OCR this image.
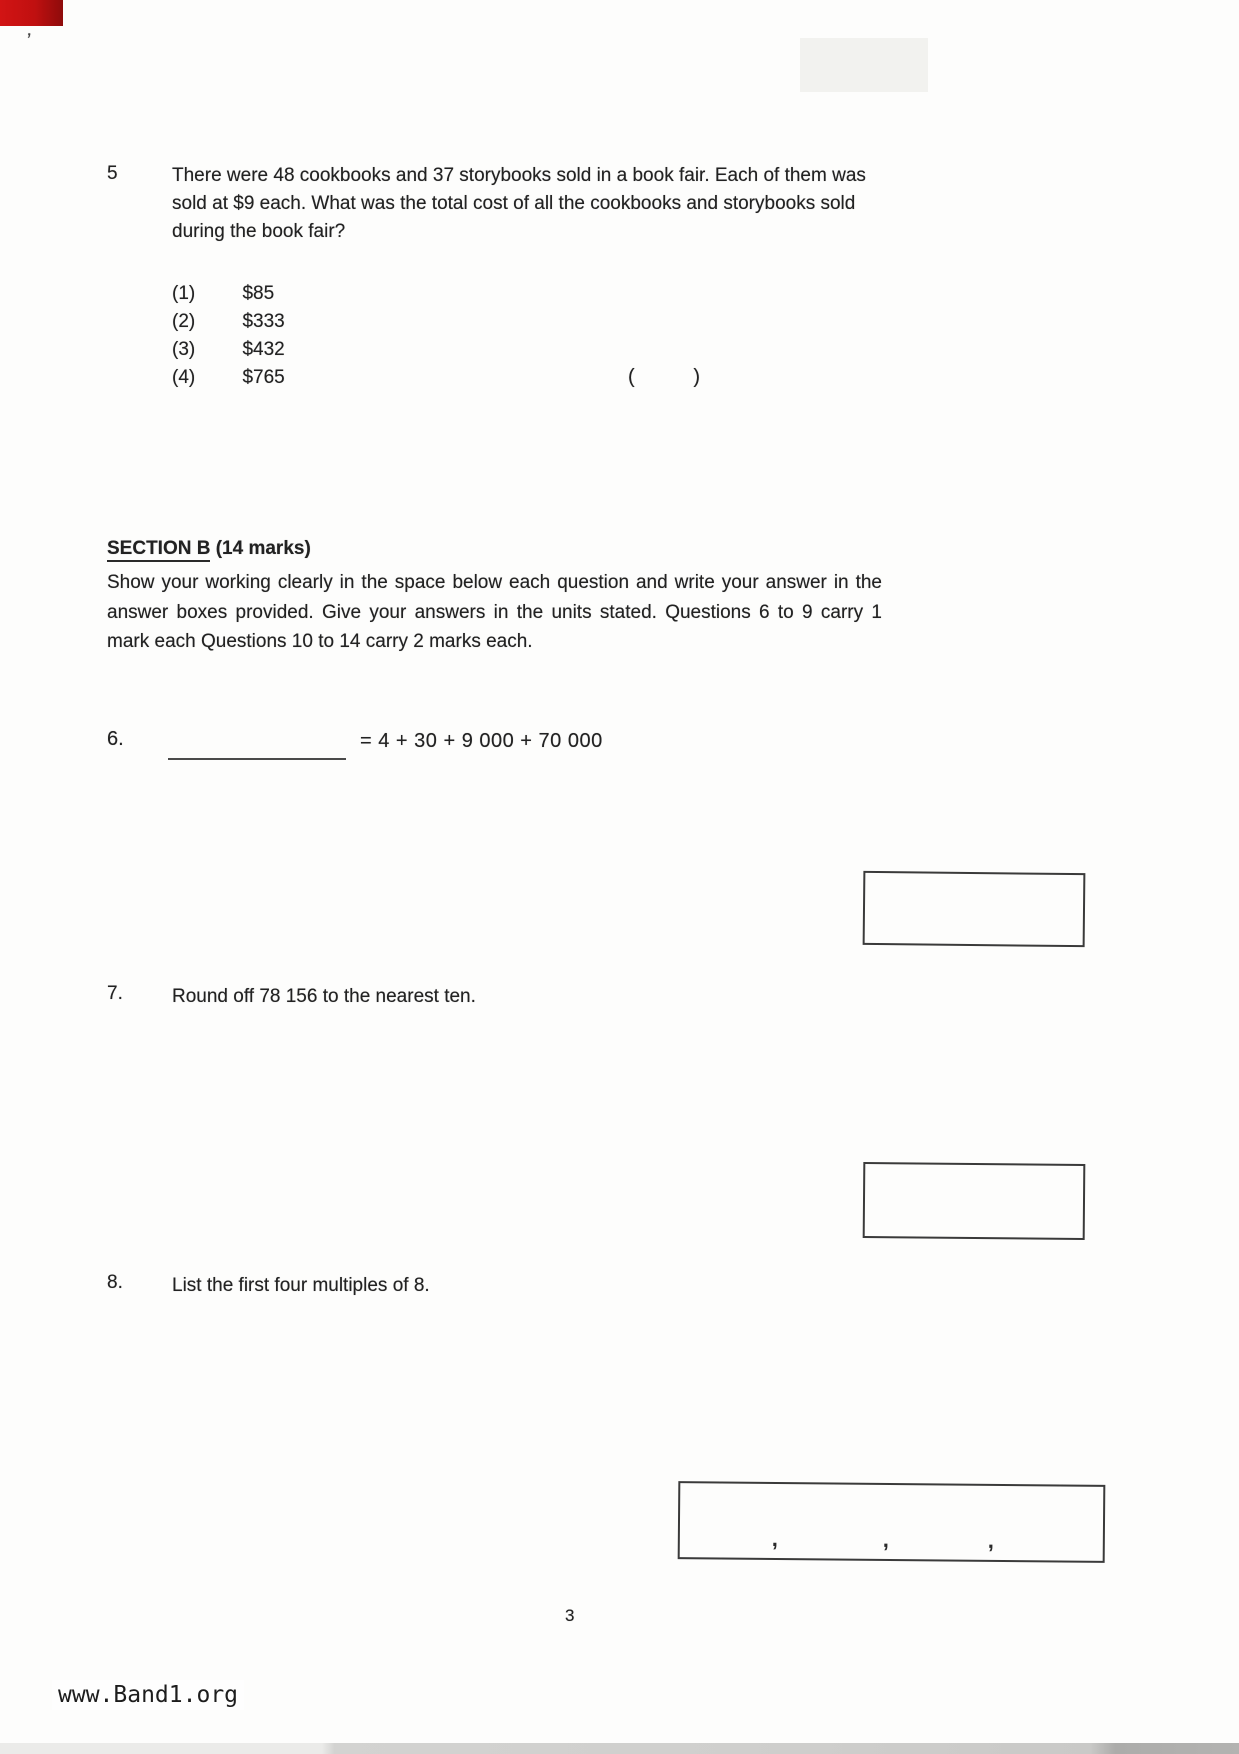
’
5	There were 48 cookbooks and 37 storybooks sold in a book fair. Each of them was sold at $9 each. What was the total cost of all the cookbooks and storybooks sold during the book fair?
(1) $85
(2) $333
(3) $432
(4) $765	(	)
SECTION B (14 marks)
Show your working clearly in the space below each question and write your answer in the answer boxes provided. Give your answers in the units stated. Questions 6 to 9 carry 1 mark each Questions 10 to 14 carry 2 marks each.
6.	= 4 + 30 + 9 000 + 70 000
7.	Round off 78 156 to the nearest ten.
8.	List the first four multiples of 8.
,	,	,
3
www.Band1.org
